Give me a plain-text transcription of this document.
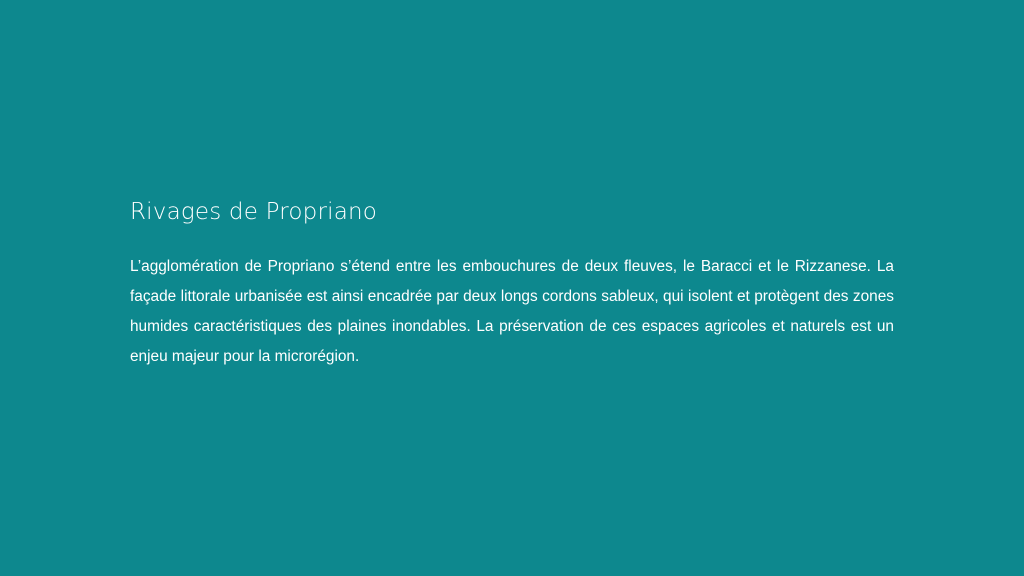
Rivages de Propriano

L’agglomération de Propriano s’étend entre les embouchures de deux fleuves, le Baracci et le Rizzanese. La façade littorale urbanisée est ainsi encadrée par deux longs cordons sableux, qui isolent et protègent des zones humides caractéristiques des plaines inondables. La préservation de ces espaces agricoles et naturels est un enjeu majeur pour la microrégion.
